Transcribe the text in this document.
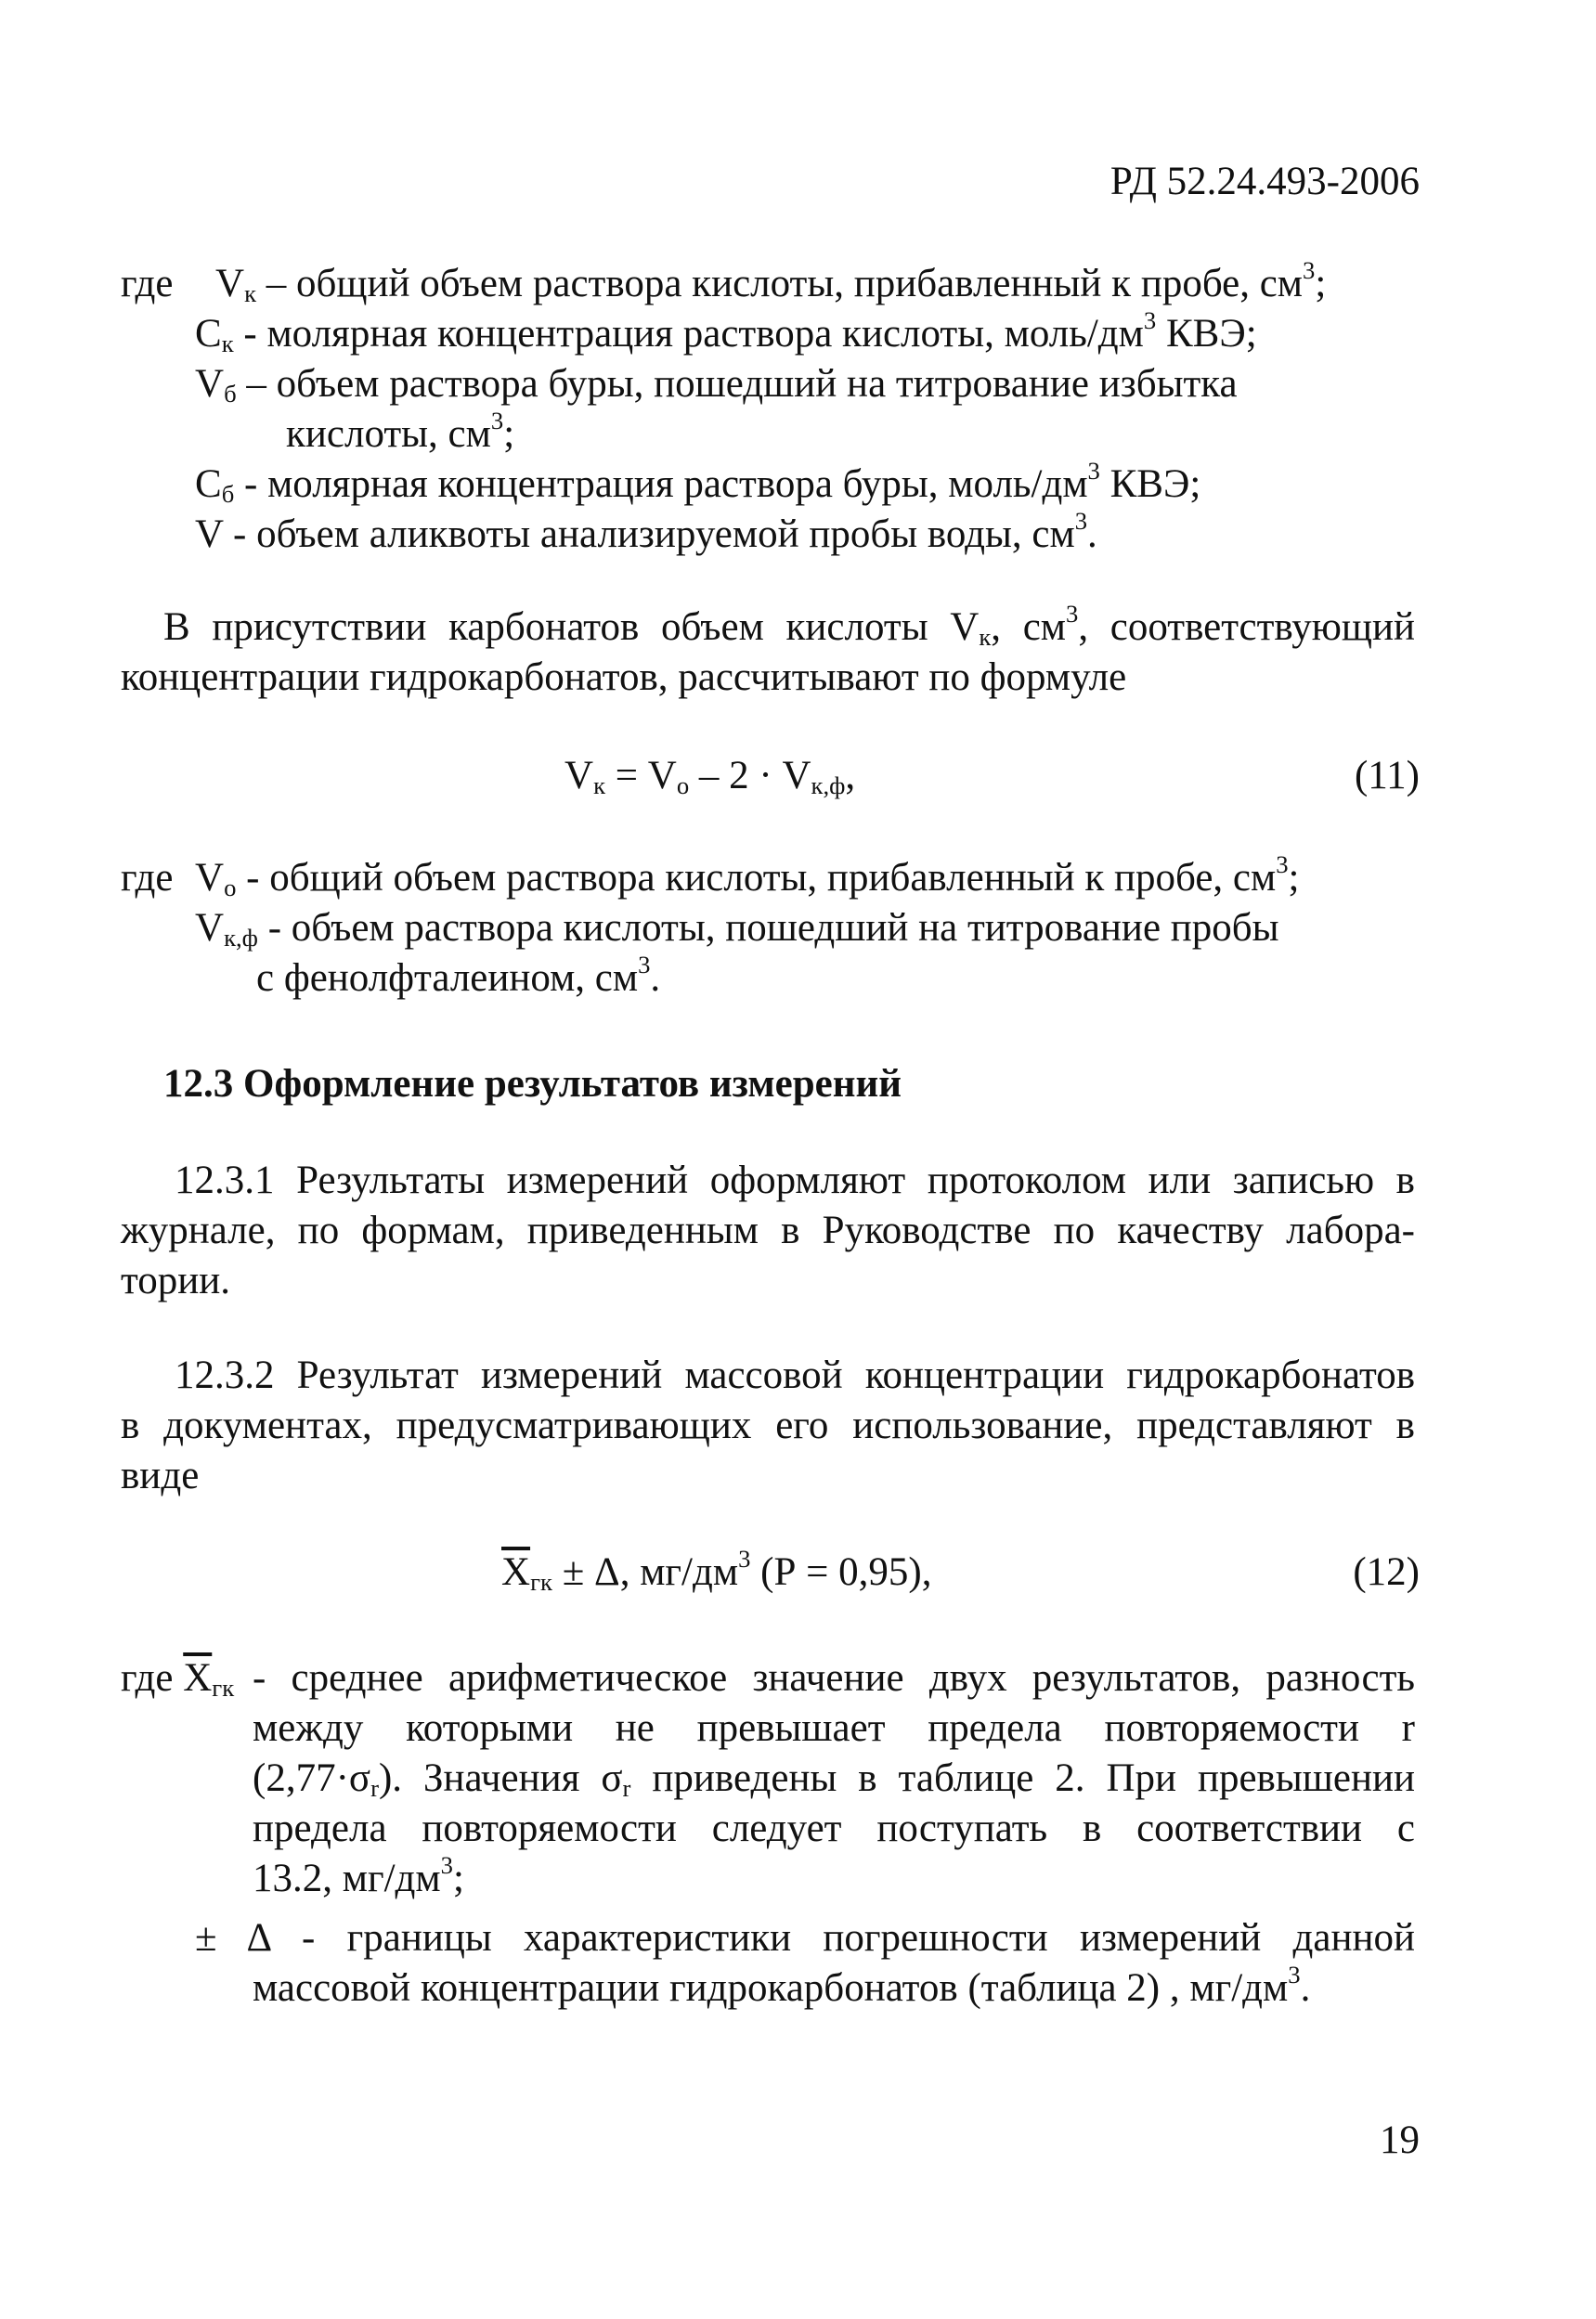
РД 52.24.493-2006
где $V_к$ – общий объем раствора кислоты, прибавленный к пробе, $см^3$;
$С_к$ - молярная концентрация раствора кислоты, моль/$дм^3$ КВЭ;
$V_б$ – объем раствора буры, пошедший на титрование избытка
кислоты, $см^3$;
$С_б$ - молярная концентрация раствора буры, моль/$дм^3$ КВЭ;
V - объем аликвоты анализируемой пробы воды, $см^3$.
В присутствии карбонатов объем кислоты $V_к$, $см^3$, соответствующий
концентрации гидрокарбонатов, рассчитывают по формуле
$V_к = V_о - 2 \cdot V_{к,ф}$,	(11)
где $V_о$ - общий объем раствора кислоты, прибавленный к пробе, $см^3$;
$V_{к,ф}$ - объем раствора кислоты, пошедший на титрование пробы
с фенолфталеином, $см^3$.
12.3 Оформление результатов измерений
12.3.1 Результаты измерений оформляют протоколом или записью в
журнале, по формам, приведенным в Руководстве по качеству лабора-
тории.
12.3.2 Результат измерений массовой концентрации гидрокарбонатов
в документах, предусматривающих его использование, представляют в
виде
$\overline{X}_{гк} \pm \Delta$, $мг/дм^3$ (Р = 0,95),	(12)
где $\overline{X}_{гк}$ - среднее арифметическое значение двух результатов, разность
между которыми не превышает предела повторяемости r
$(2,77\cdot\sigma_r)$. Значения $\sigma_r$ приведены в таблице 2. При превышении
предела повторяемости следует поступать в соответствии с
13.2, $мг/дм^3$;
± Δ - границы характеристики погрешности измерений данной
массовой концентрации гидрокарбонатов (таблица 2) , $мг/дм^3$.
19
